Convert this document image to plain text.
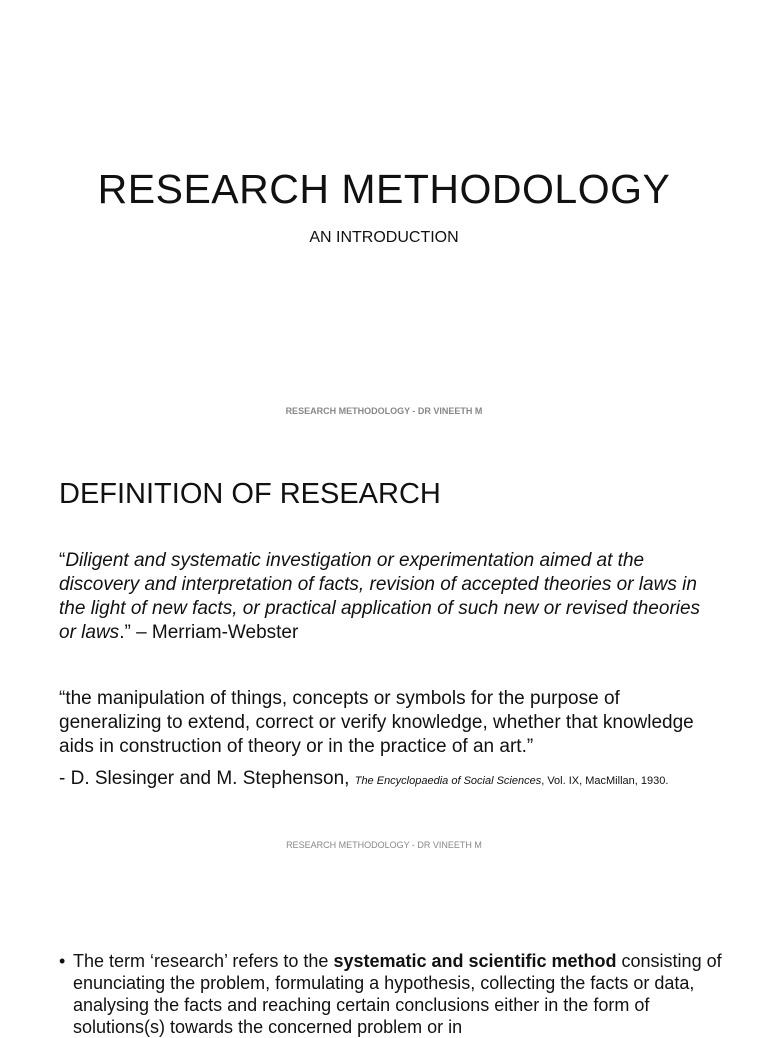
RESEARCH METHODOLOGY
AN INTRODUCTION
RESEARCH METHODOLOGY - DR VINEETH M
DEFINITION OF RESEARCH
“Diligent and systematic investigation or experimentation aimed at the discovery and interpretation of facts, revision of accepted theories or laws in the light of new facts, or practical application of such new or revised theories or laws.” – Merriam-Webster
“the manipulation of things, concepts or symbols for the purpose of generalizing to extend, correct or verify knowledge, whether that knowledge aids in construction of theory or in the practice of an art.”
- D. Slesinger and M. Stephenson, The Encyclopaedia of Social Sciences, Vol. IX, MacMillan, 1930.
RESEARCH METHODOLOGY - DR VINEETH M
• The term ‘research’ refers to the systematic and scientific method consisting of enunciating the problem, formulating a hypothesis, collecting the facts or data, analysing the facts and reaching certain conclusions either in the form of solutions(s) towards the concerned problem or in
